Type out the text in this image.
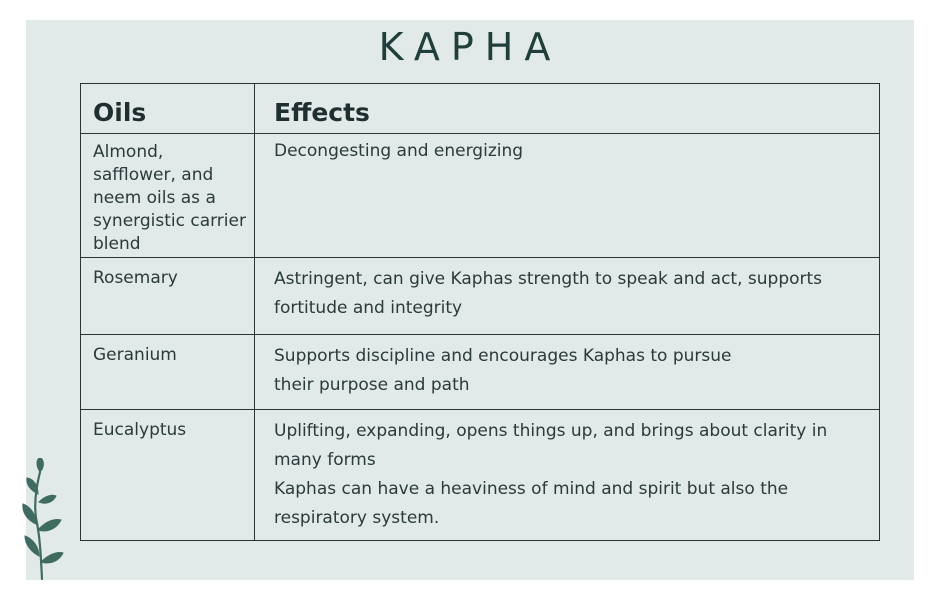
KAPHA
Oils	Effects
Almond, safflower, and neem oils as a synergistic carrier blend	Decongesting and energizing

Rosemary	Astringent, can give Kaphas strength to speak and act, supports fortitude and integrity

Geranium	Supports discipline and encourages Kaphas to pursue
their purpose and path

Eucalyptus	Uplifting, expanding, opens things up, and brings about clarity in many forms
Kaphas can have a heaviness of mind and spirit but also the respiratory system.
